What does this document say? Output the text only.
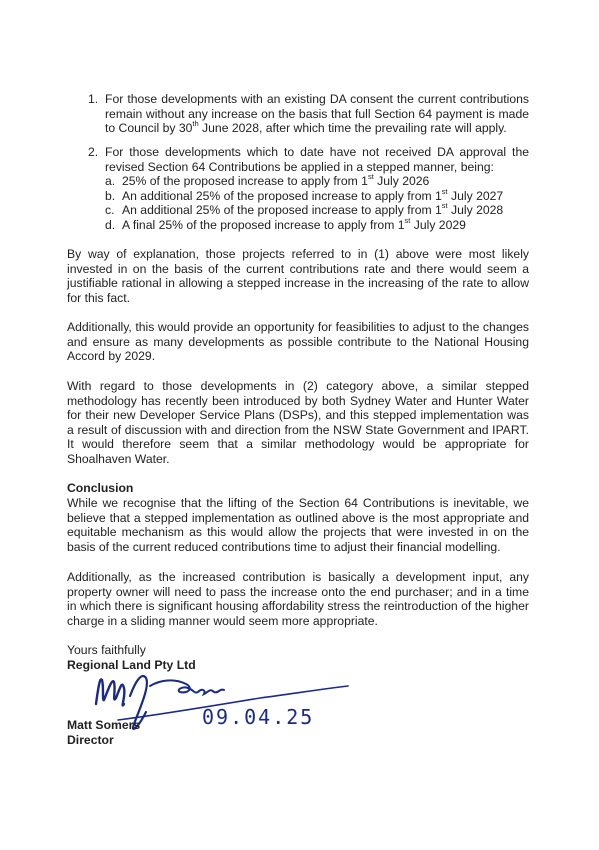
1. For those developments with an existing DA consent the current contributions remain without any increase on the basis that full Section 64 payment is made to Council by 30th June 2028, after which time the prevailing rate will apply.
2. For those developments which to date have not received DA approval the revised Section 64 Contributions be applied in a stepped manner, being:
a. 25% of the proposed increase to apply from 1st July 2026
b. An additional 25% of the proposed increase to apply from 1st July 2027
c. An additional 25% of the proposed increase to apply from 1st July 2028
d. A final 25% of the proposed increase to apply from 1st July 2029
By way of explanation, those projects referred to in (1) above were most likely invested in on the basis of the current contributions rate and there would seem a justifiable rational in allowing a stepped increase in the increasing of the rate to allow for this fact.
Additionally, this would provide an opportunity for feasibilities to adjust to the changes and ensure as many developments as possible contribute to the National Housing Accord by 2029.
With regard to those developments in (2) category above, a similar stepped methodology has recently been introduced by both Sydney Water and Hunter Water for their new Developer Service Plans (DSPs), and this stepped implementation was a result of discussion with and direction from the NSW State Government and IPART. It would therefore seem that a similar methodology would be appropriate for Shoalhaven Water.
Conclusion
While we recognise that the lifting of the Section 64 Contributions is inevitable, we believe that a stepped implementation as outlined above is the most appropriate and equitable mechanism as this would allow the projects that were invested in on the basis of the current reduced contributions time to adjust their financial modelling.
Additionally, as the increased contribution is basically a development input, any property owner will need to pass the increase onto the end purchaser; and in a time in which there is significant housing affordability stress the reintroduction of the higher charge in a sliding manner would seem more appropriate.
Yours faithfully
Regional Land Pty Ltd
09.04.25
Matt Somers
Director
